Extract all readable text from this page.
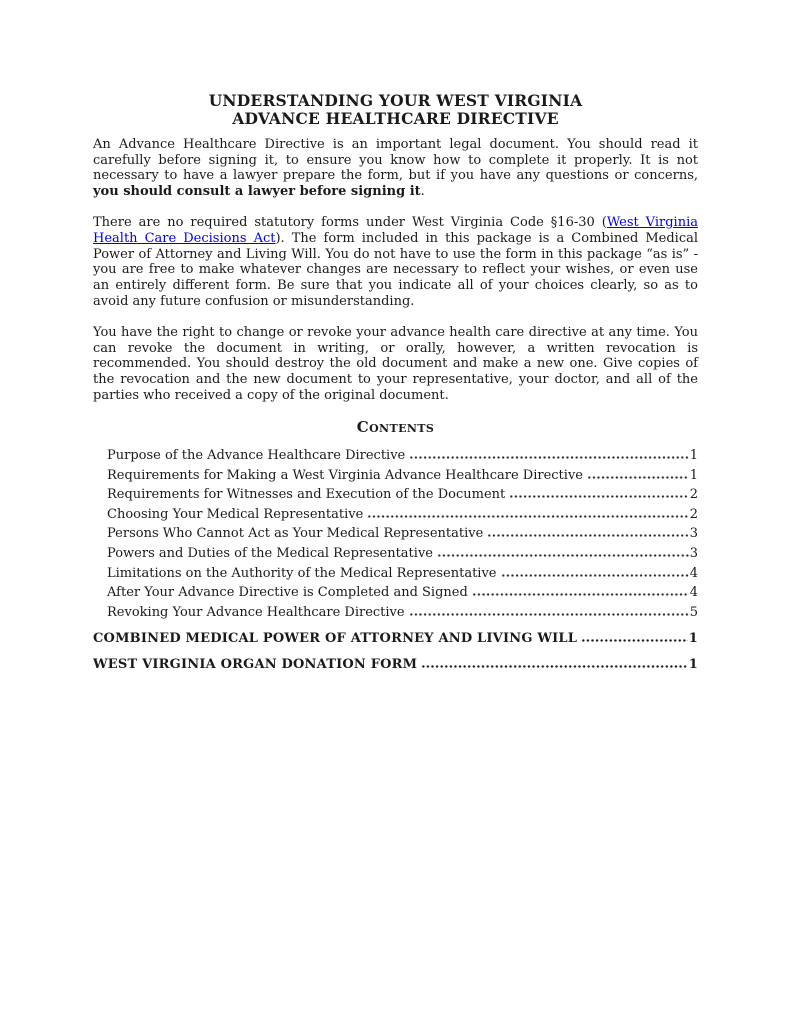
UNDERSTANDING YOUR WEST VIRGINIA
ADVANCE HEALTHCARE DIRECTIVE

An Advance Healthcare Directive is an important legal document. You should read it carefully before signing it, to ensure you know how to complete it properly. It is not necessary to have a lawyer prepare the form, but if you have any questions or concerns, you should consult a lawyer before signing it.

There are no required statutory forms under West Virginia Code §16-30 (West Virginia Health Care Decisions Act). The form included in this package is a Combined Medical Power of Attorney and Living Will. You do not have to use the form in this package “as is” - you are free to make whatever changes are necessary to reflect your wishes, or even use an entirely different form. Be sure that you indicate all of your choices clearly, so as to avoid any future confusion or misunderstanding.

You have the right to change or revoke your advance health care directive at any time. You can revoke the document in writing, or orally, however, a written revocation is recommended. You should destroy the old document and make a new one. Give copies of the revocation and the new document to your representative, your doctor, and all of the parties who received a copy of the original document.

Contents
Purpose of the Advance Healthcare Directive	1
Requirements for Making a West Virginia Advance Healthcare Directive	1
Requirements for Witnesses and Execution of the Document	2
Choosing Your Medical Representative	2
Persons Who Cannot Act as Your Medical Representative	3
Powers and Duties of the Medical Representative	3
Limitations on the Authority of the Medical Representative	4
After Your Advance Directive is Completed and Signed	4
Revoking Your Advance Healthcare Directive	5
COMBINED MEDICAL POWER OF ATTORNEY AND LIVING WILL	1
WEST VIRGINIA ORGAN DONATION FORM	1
